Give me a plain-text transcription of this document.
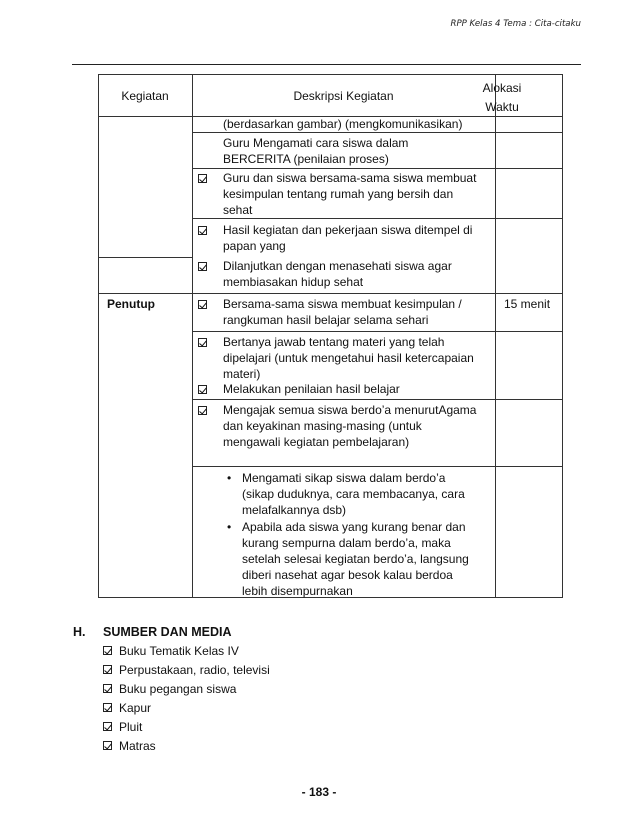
RPP Kelas 4 Tema : Cita-citaku
Kegiatan	Deskripsi Kegiatan
Alokasi
Waktu
(berdasarkan gambar) (mengkomunikasikan)
Guru Mengamati cara siswa dalam
BERCERITA (penilaian proses)
Guru dan siswa bersama-sama siswa membuat
kesimpulan tentang rumah yang bersih dan
sehat
Hasil kegiatan dan pekerjaan siswa ditempel di
papan yang
Dilanjutkan dengan menasehati siswa agar
membiasakan hidup sehat
Penutup	Bersama-sama siswa membuat kesimpulan /
rangkuman hasil belajar selama sehari
15 menit
Bertanya jawab tentang materi yang telah
dipelajari (untuk mengetahui hasil ketercapaian
materi)
Melakukan penilaian hasil belajar
Mengajak semua siswa berdo’a menurutAgama
dan keyakinan masing-masing (untuk
mengawali kegiatan pembelajaran)
• Mengamati sikap siswa dalam berdo’a
(sikap duduknya, cara membacanya, cara
melafalkannya dsb)
• Apabila ada siswa yang kurang benar dan
kurang sempurna dalam berdo’a, maka
setelah selesai kegiatan berdo’a, langsung
diberi nasehat agar besok kalau berdoa
lebih disempurnakan
H. SUMBER DAN MEDIA
Buku Tematik Kelas IV
Perpustakaan, radio, televisi
Buku pegangan siswa
Kapur
Pluit
Matras
- 183 -
